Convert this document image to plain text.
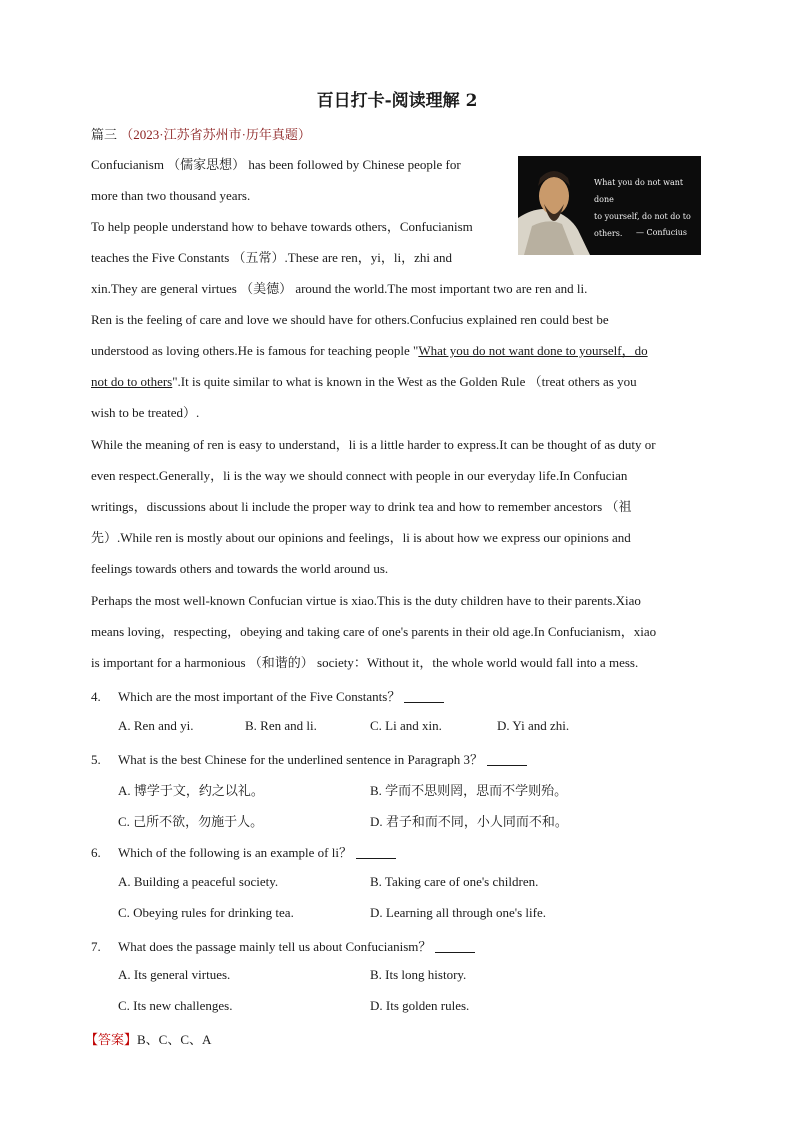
百日打卡-阅读理解 2
篇三 （2023·江苏省苏州市·历年真题）
What you do not want done
to yourself, do not do to others.	— Confucius
Confucianism （儒家思想） has been followed by Chinese people for
more than two thousand years.
To help people understand how to behave towards others，Confucianism
teaches the Five Constants （五常）.These are ren，yi，li，zhi and
xin.They are general virtues （美德） around the world.The most important two are ren and li.
Ren is the feeling of care and love we should have for others.Confucius explained ren could best be
understood as loving others.He is famous for teaching people "What you do not want done to yourself，do
not do to others".It is quite similar to what is known in the West as the Golden Rule （treat others as you
wish to be treated）.
While the meaning of ren is easy to understand，li is a little harder to express.It can be thought of as duty or
even respect.Generally，li is the way we should connect with people in our everyday life.In Confucian
writings，discussions about li include the proper way to drink tea and how to remember ancestors （祖
先）.While ren is mostly about our opinions and feelings，li is about how we express our opinions and
feelings towards others and towards the world around us.
Perhaps the most well-known Confucian virtue is xiao.This is the duty children have to their parents.Xiao
means loving，respecting，obeying and taking care of one's parents in their old age.In Confucianism，xiao
is important for a harmonious （和谐的） society：Without it，the whole world would fall into a mess.
4. Which are the most important of the Five Constants？
A. Ren and yi.	B. Ren and li.	C. Li and xin.	D. Yi and zhi.
5. What is the best Chinese for the underlined sentence in Paragraph 3？
A. 博学于文，约之以礼。	B. 学而不思则罔，思而不学则殆。
C. 己所不欲，勿施于人。	D. 君子和而不同，小人同而不和。
6. Which of the following is an example of li？
A. Building a peaceful society.	B. Taking care of one's children.
C. Obeying rules for drinking tea.	D. Learning all through one's life.
7. What does the passage mainly tell us about Confucianism？
A. Its general virtues.	B. Its long history.
C. Its new challenges.	D. Its golden rules.
【答案】B、C、C、A
